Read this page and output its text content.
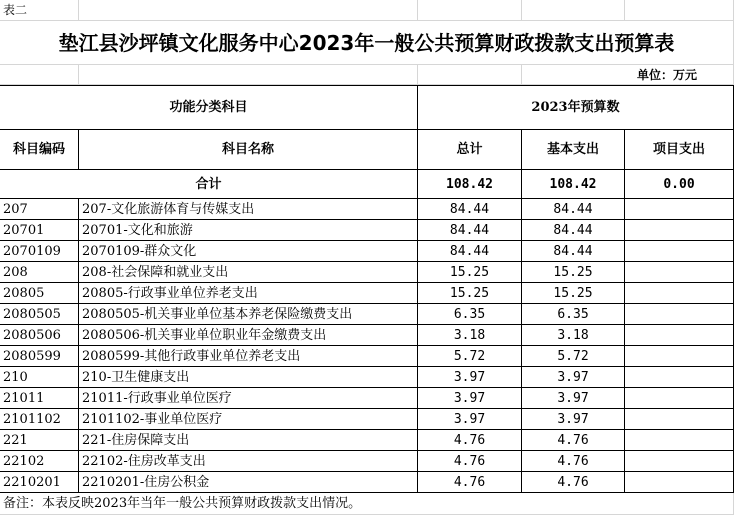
表二
垫江县沙坪镇文化服务中心2023年一般公共预算财政拨款支出预算表
单位：万元
功能分类科目	2023年预算数
科目编码	科目名称	总计	基本支出	项目支出
合计	108.42	108.42	0.00
207	207-文化旅游体育与传媒支出	84.44	84.44
20701	20701-文化和旅游	84.44	84.44
2070109	2070109-群众文化	84.44	84.44
208	208-社会保障和就业支出	15.25	15.25
20805	20805-行政事业单位养老支出	15.25	15.25
2080505	2080505-机关事业单位基本养老保险缴费支出	6.35	6.35
2080506	2080506-机关事业单位职业年金缴费支出	3.18	3.18
2080599	2080599-其他行政事业单位养老支出	5.72	5.72
210	210-卫生健康支出	3.97	3.97
21011	21011-行政事业单位医疗	3.97	3.97
2101102	2101102-事业单位医疗	3.97	3.97
221	221-住房保障支出	4.76	4.76
22102	22102-住房改革支出	4.76	4.76
2210201	2210201-住房公积金	4.76	4.76
备注：本表反映2023年当年一般公共预算财政拨款支出情况。
